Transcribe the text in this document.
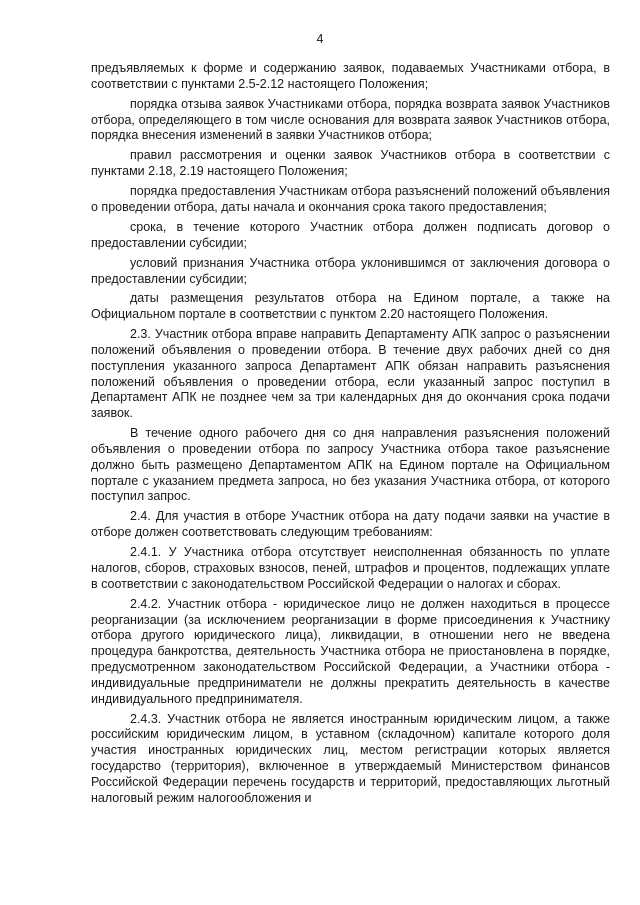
4

предъявляемых к форме и содержанию заявок, подаваемых Участниками отбора, в соответствии с пунктами 2.5-2.12 настоящего Положения;

порядка отзыва заявок Участниками отбора, порядка возврата заявок Участников отбора, определяющего в том числе основания для возврата заявок Участников отбора, порядка внесения изменений в заявки Участников отбора;

правил рассмотрения и оценки заявок Участников отбора в соответствии с пунктами 2.18, 2.19 настоящего Положения;

порядка предоставления Участникам отбора разъяснений положений объявления о проведении отбора, даты начала и окончания срока такого предоставления;

срока, в течение которого Участник отбора должен подписать договор о предоставлении субсидии;

условий признания Участника отбора уклонившимся от заключения договора о предоставлении субсидии;

даты размещения результатов отбора на Едином портале, а также на Официальном портале в соответствии с пунктом 2.20 настоящего Положения.

2.3. Участник отбора вправе направить Департаменту АПК запрос о разъяснении положений объявления о проведении отбора. В течение двух рабочих дней со дня поступления указанного запроса Департамент АПК обязан направить разъяснения положений объявления о проведении отбора, если указанный запрос поступил в Департамент АПК не позднее чем за три календарных дня до окончания срока подачи заявок.

В течение одного рабочего дня со дня направления разъяснения положений объявления о проведении отбора по запросу Участника отбора такое разъяснение должно быть размещено Департаментом АПК на Едином портале на Официальном портале с указанием предмета запроса, но без указания Участника отбора, от которого поступил запрос.

2.4. Для участия в отборе Участник отбора на дату подачи заявки на участие в отборе должен соответствовать следующим требованиям:

2.4.1. У Участника отбора отсутствует неисполненная обязанность по уплате налогов, сборов, страховых взносов, пеней, штрафов и процентов, подлежащих уплате в соответствии с законодательством Российской Федерации о налогах и сборах.

2.4.2. Участник отбора - юридическое лицо не должен находиться в процессе реорганизации (за исключением реорганизации в форме присоединения к Участнику отбора другого юридического лица), ликвидации, в отношении него не введена процедура банкротства, деятельность Участника отбора не приостановлена в порядке, предусмотренном законодательством Российской Федерации, а Участники отбора - индивидуальные предприниматели не должны прекратить деятельность в качестве индивидуального предпринимателя.

2.4.3. Участник отбора не является иностранным юридическим лицом, а также российским юридическим лицом, в уставном (складочном) капитале которого доля участия иностранных юридических лиц, местом регистрации которых является государство (территория), включенное в утверждаемый Министерством финансов Российской Федерации перечень государств и территорий, предоставляющих льготный налоговый режим налогообложения и
